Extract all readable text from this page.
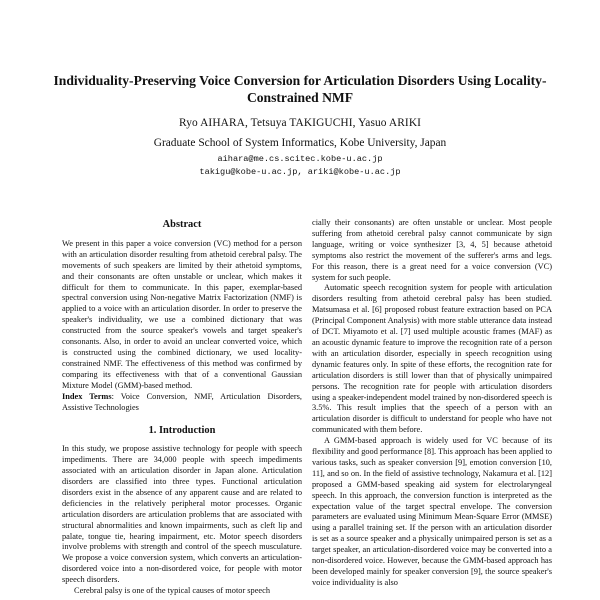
Individuality-Preserving Voice Conversion for Articulation Disorders Using Locality-Constrained NMF
Ryo AIHARA, Tetsuya TAKIGUCHI, Yasuo ARIKI
Graduate School of System Informatics, Kobe University, Japan
aihara@me.cs.scitec.kobe-u.ac.jp
takigu@kobe-u.ac.jp, ariki@kobe-u.ac.jp
Abstract

We present in this paper a voice conversion (VC) method for a person with an articulation disorder resulting from athetoid cerebral palsy. The movements of such speakers are limited by their athetoid symptoms, and their consonants are often unstable or unclear, which makes it difficult for them to communicate. In this paper, exemplar-based spectral conversion using Non-negative Matrix Factorization (NMF) is applied to a voice with an articulation disorder. In order to preserve the speaker's individuality, we use a combined dictionary that was constructed from the source speaker's vowels and target speaker's consonants. Also, in order to avoid an unclear converted voice, which is constructed using the combined dictionary, we used locality-constrained NMF. The effectiveness of this method was confirmed by comparing its effectiveness with that of a conventional Gaussian Mixture Model (GMM)-based method.

Index Terms: Voice Conversion, NMF, Articulation Disorders, Assistive Technologies

1. Introduction

In this study, we propose assistive technology for people with speech impediments. There are 34,000 people with speech impediments associated with an articulation disorder in Japan alone. Articulation disorders are classified into three types. Functional articulation disorders exist in the absence of any apparent cause and are related to deficiencies in the relatively peripheral motor processes. Organic articulation disorders are articulation problems that are associated with structural abnormalities and known impairments, such as cleft lip and palate, tongue tie, hearing impairment, etc. Motor speech disorders involve problems with strength and control of the speech musculature. We propose a voice conversion system, which converts an articulation-disordered voice into a non-disordered voice, for people with motor speech disorders.

Cerebral palsy is one of the typical causes of motor speech

cially their consonants) are often unstable or unclear. Most people suffering from athetoid cerebral palsy cannot communicate by sign language, writing or voice synthesizer [3, 4, 5] because athetoid symptoms also restrict the movement of the sufferer's arms and legs. For this reason, there is a great need for a voice conversion (VC) system for such people.

Automatic speech recognition system for people with articulation disorders resulting from athetoid cerebral palsy has been studied. Matsumasa et al. [6] proposed robust feature extraction based on PCA (Principal Component Analysis) with more stable utterance data instead of DCT. Miyamoto et al. [7] used multiple acoustic frames (MAF) as an acoustic dynamic feature to improve the recognition rate of a person with an articulation disorder, especially in speech recognition using dynamic features only. In spite of these efforts, the recognition rate for articulation disorders is still lower than that of physically unimpaired persons. The recognition rate for people with articulation disorders using a speaker-independent model trained by non-disordered speech is 3.5%. This result implies that the speech of a person with an articulation disorder is difficult to understand for people who have not communicated with them before.

A GMM-based approach is widely used for VC because of its flexibility and good performance [8]. This approach has been applied to various tasks, such as speaker conversion [9], emotion conversion [10, 11], and so on. In the field of assistive technology, Nakamura et al. [12] proposed a GMM-based speaking aid system for electrolaryngeal speech. In this approach, the conversion function is interpreted as the expectation value of the target spectral envelope. The conversion parameters are evaluated using Minimum Mean-Square Error (MMSE) using a parallel training set. If the person with an articulation disorder is set as a source speaker and a physically unimpaired person is set as a target speaker, an articulation-disordered voice may be converted into a non-disordered voice. However, because the GMM-based approach has been developed mainly for speaker conversion [9], the source speaker's voice individuality is also
